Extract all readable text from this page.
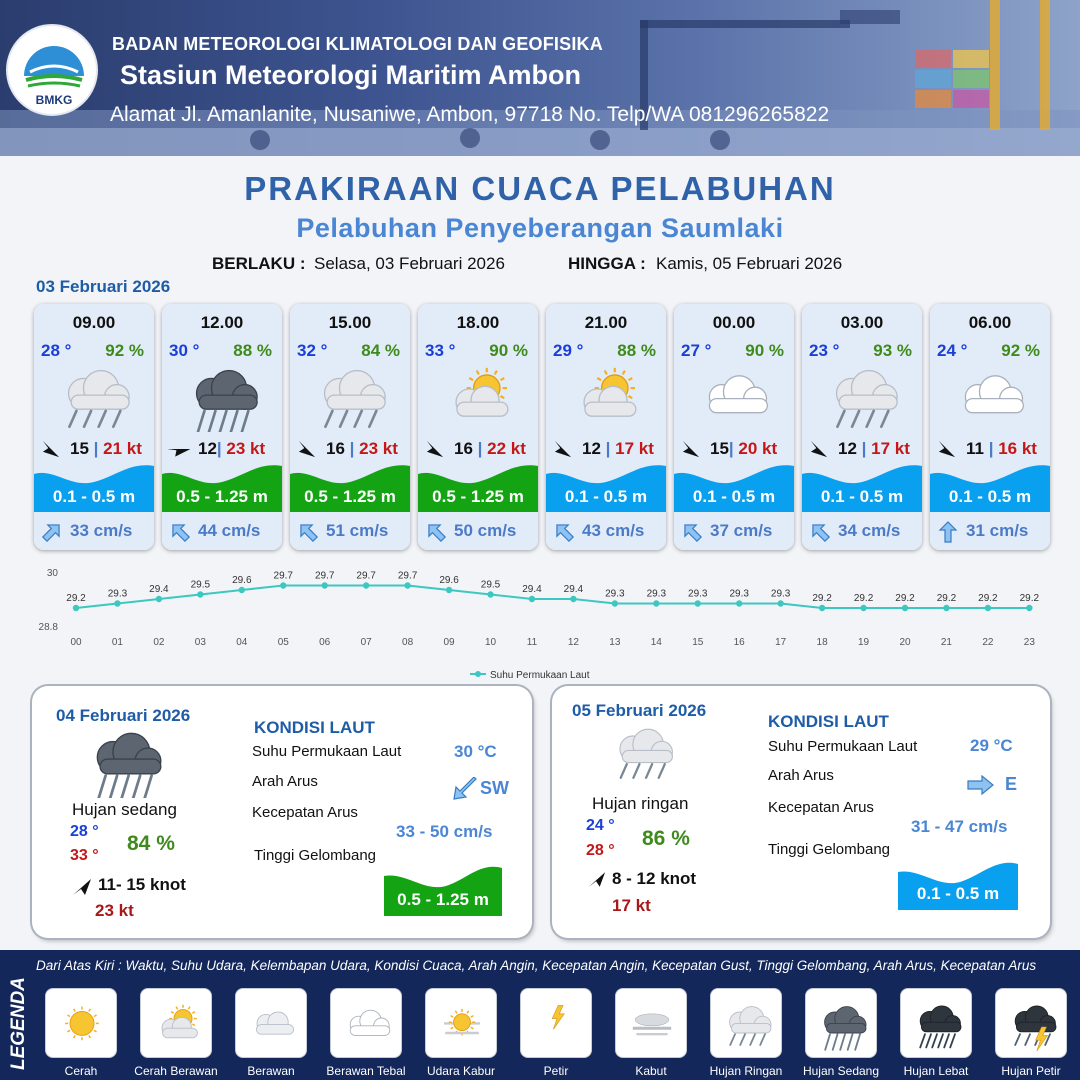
BMKG
BADAN METEOROLOGI KLIMATOLOGI DAN GEOFISIKA
Stasiun Meteorologi Maritim Ambon
Alamat Jl. Amanlanite, Nusaniwe, Ambon, 97718 No. Telp/WA 081296265822
PRAKIRAAN CUACA PELABUHAN
Pelabuhan Penyeberangan Saumlaki
BERLAKU : Selasa, 03 Februari 2026	HINGGA : Kamis, 05 Februari 2026
03 Februari 2026
09.00
28 ° 92 %
15 | 21 kt
0.1 - 0.5 m
33 cm/s
12.00
30 ° 88 %
12| 23 kt
0.5 - 1.25 m
44 cm/s
15.00
32 ° 84 %
16 | 23 kt
0.5 - 1.25 m
51 cm/s
18.00
33 ° 90 %
16 | 22 kt
0.5 - 1.25 m
50 cm/s
21.00
29 ° 88 %
12 | 17 kt
0.1 - 0.5 m
43 cm/s
00.00
27 ° 90 %
15| 20 kt
0.1 - 0.5 m
37 cm/s
03.00
23 ° 93 %
12 | 17 kt
0.1 - 0.5 m
34 cm/s
06.00
24 ° 92 %
11 | 16 kt
0.1 - 0.5 m
31 cm/s
30
28.8
29.2
00
29.3
01
29.4
02
29.5
03
29.6
04
29.7
05
29.7
06
29.7
07
29.7
08
29.6
09
29.5
10
29.4
11
29.4
12
29.3
13
29.3
14
29.3
15
29.3
16
29.3
17
29.2
18
29.2
19
29.2
20
29.2
21
29.2
22
29.2
23
Suhu Permukaan Laut
04 Februari 2026
Hujan sedang
28 °
33 °
84 %
11- 15 knot
23 kt
KONDISI LAUT
Suhu Permukaan Laut	30 °C
Arah Arus	SW
Kecepatan Arus
33 - 50 cm/s
Tinggi Gelombang
0.5 - 1.25 m
05 Februari 2026
Hujan ringan
24 °
28 °
86 %
8 - 12 knot
17 kt
KONDISI LAUT
Suhu Permukaan Laut	29 °C
Arah Arus	E
Kecepatan Arus
31 - 47 cm/s
Tinggi Gelombang
0.1 - 0.5 m
LEGENDA
Dari Atas Kiri : Waktu, Suhu Udara, Kelembapan Udara, Kondisi Cuaca, Arah Angin, Kecepatan Angin, Kecepatan Gust, Tinggi Gelombang, Arah Arus, Kecepatan Arus
Cerah	Cerah Berawan	Berawan	Berawan Tebal	Udara Kabur	Petir	Kabut	Hujan Ringan	Hujan Sedang	Hujan Lebat	Hujan Petir
